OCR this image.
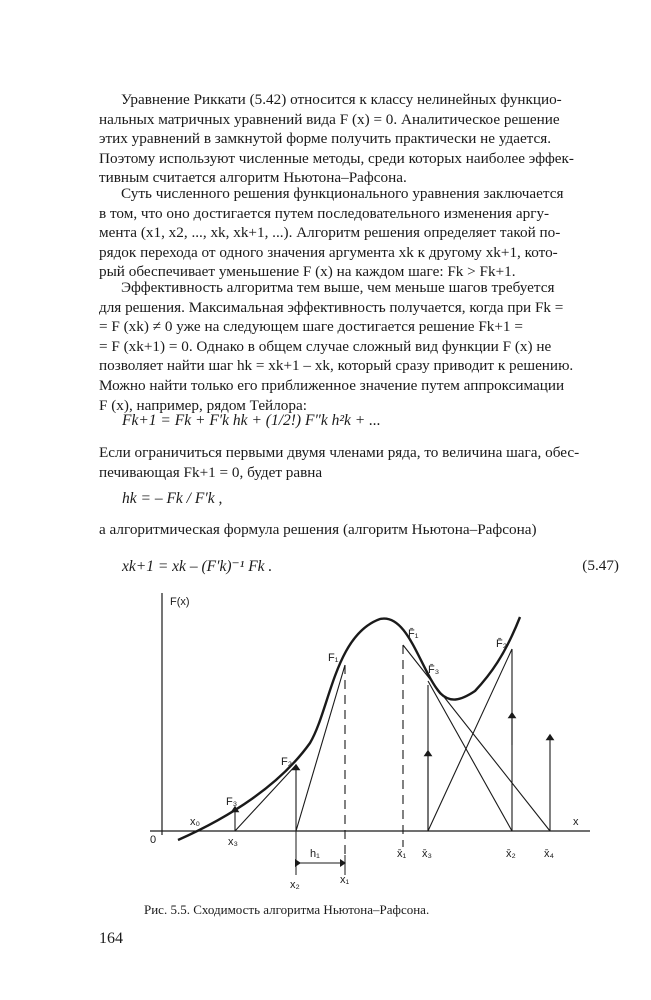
Уравнение Риккати (5.42) относится к классу нелинейных функцио-

нальных матричных уравнений вида F (x) = 0. Аналитическое решение

этих уравнений в замкнутой форме получить практически не удается.

Поэтому используют численные методы, среди которых наиболее эффек-

тивным считается алгоритм Ньютона–Рафсона.

Суть численного решения функционального уравнения заключается

в том, что оно достигается путем последовательного изменения аргу-

мента (x1, x2, ..., xk, xk+1, ...). Алгоритм решения определяет такой по-

рядок перехода от одного значения аргумента xk к другому xk+1, кото-

рый обеспечивает уменьшение F (x) на каждом шаге: Fk > Fk+1.

Эффективность алгоритма тем выше, чем меньше шагов требуется

для решения. Максимальная эффективность получается, когда при Fk =

= F (xk) ≠ 0 уже на следующем шаге достигается решение Fk+1 =

= F (xk+1) = 0. Однако в общем случае сложный вид функции F (x) не

позволяет найти шаг hk = xk+1 – xk, который сразу приводит к решению.

Можно найти только его приближенное значение путем аппроксимации

F (x), например, рядом Тейлора:

Fk+1 = Fk + F′k hk + (1/2!) F″k h²k + ...

Если ограничиться первыми двумя членами ряда, то величина шага, обес-

печивающая Fk+1 = 0, будет равна

hk = – Fk / F′k ,

а алгоритмическая формула решения (алгоритм Ньютона–Рафсона)

xk+1 = xk – (F′k)⁻¹ Fk .	(5.47)
F(x)
x
0
x₀
x₃
F₃
F₂
F₁
F̄₁
F̄₃
F̄₂
x₂	x₁
h₁	x̄₁ x̄₃	x̄₂	x̄₄
Рис. 5.5. Сходимость алгоритма Ньютона–Рафсона.
164
